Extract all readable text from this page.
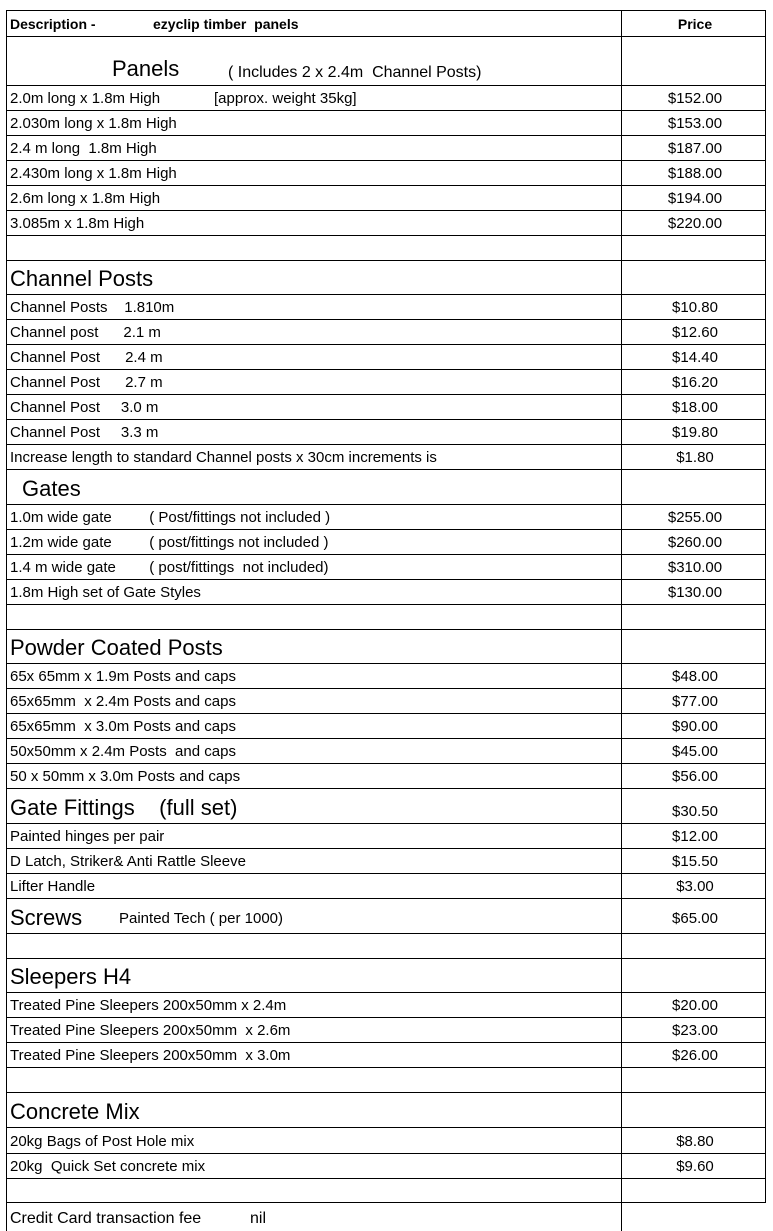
Description -	ezyclip timber  panels	Price
Panels	( Includes 2 x 2.4m  Channel Posts)
2.0m long x 1.8m High	[approx. weight 35kg]	$152.00
2.030m long x 1.8m High	$153.00
2.4 m long  1.8m High	$187.00
2.430m long x 1.8m High	$188.00
2.6m long x 1.8m High	$194.00
3.085m x 1.8m High	$220.00
Channel Posts
Channel Posts    1.810m	$10.80
Channel post      2.1 m	$12.60
Channel Post      2.4 m	$14.40
Channel Post      2.7 m	$16.20
Channel Post     3.0 m	$18.00
Channel Post     3.3 m	$19.80
Increase length to standard Channel posts x 30cm increments is	$1.80
Gates
1.0m wide gate         ( Post/fittings not included )	$255.00
1.2m wide gate         ( post/fittings not included )	$260.00
1.4 m wide gate        ( post/fittings  not included)	$310.00
1.8m High set of Gate Styles	$130.00
Powder Coated Posts
65x 65mm x 1.9m Posts and caps	$48.00
65x65mm  x 2.4m Posts and caps	$77.00
65x65mm  x 3.0m Posts and caps	$90.00
50x50mm x 2.4m Posts  and caps	$45.00
50 x 50mm x 3.0m Posts and caps	$56.00
Gate Fittings    (full set)	$30.50
Painted hinges per pair	$12.00
D Latch, Striker& Anti Rattle Sleeve	$15.50
Lifter Handle	$3.00
Screws Painted Tech ( per 1000)	$65.00
Sleepers H4
Treated Pine Sleepers 200x50mm x 2.4m	$20.00
Treated Pine Sleepers 200x50mm  x 2.6m	$23.00
Treated Pine Sleepers 200x50mm  x 3.0m	$26.00
Concrete Mix
20kg Bags of Post Hole mix	$8.80
20kg  Quick Set concrete mix	$9.60
Credit Card transaction fee	nil
